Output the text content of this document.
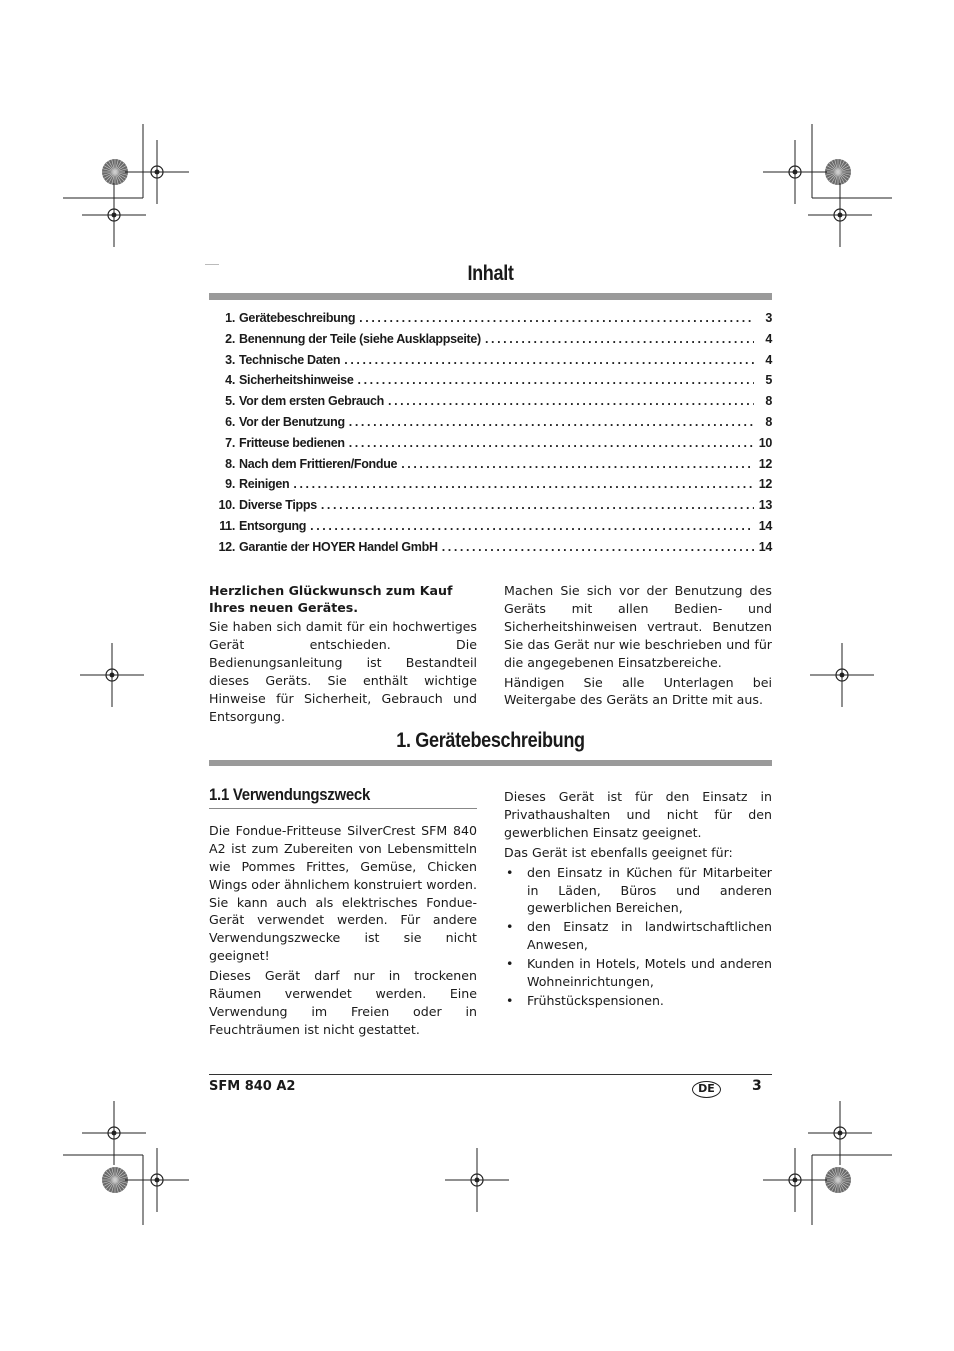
Inhalt
1. Gerätebeschreibung .....	3
2. Benennung der Teile (siehe Ausklappseite) .....	4
3. Technische Daten .....	4
4. Sicherheitshinweise .....	5
5. Vor dem ersten Gebrauch .....	8
6. Vor der Benutzung .....	8
7. Fritteuse bedienen .....	10
8. Nach dem Frittieren/Fondue .....	12
9. Reinigen .....	12
10. Diverse Tipps .....	13
11. Entsorgung .....	14
12. Garantie der HOYER Handel GmbH .....	14

Herzlichen Glückwunsch zum Kauf Ihres neuen Gerätes.

Sie haben sich damit für ein hochwertiges Gerät entschieden. Die Bedienungsanleitung ist Bestandteil dieses Geräts. Sie enthält wichtige Hinweise für Sicherheit, Gebrauch und Entsorgung.

Machen Sie sich vor der Benutzung des Geräts mit allen Bedien- und Sicherheitshinweisen vertraut. Benutzen Sie das Gerät nur wie beschrieben und für die angegebenen Einsatzbereiche.

Händigen Sie alle Unterlagen bei Weitergabe des Geräts an Dritte mit aus.

1. Gerätebeschreibung
1.1 Verwendungszweck

Die Fondue-Fritteuse SilverCrest SFM 840 A2 ist zum Zubereiten von Lebensmitteln wie Pommes Frittes, Gemüse, Chicken Wings oder ähnlichem konstruiert worden. Sie kann auch als elektrisches Fondue-Gerät verwendet werden. Für andere Verwendungszwecke ist sie nicht geeignet!

Dieses Gerät darf nur in trockenen Räumen verwendet werden. Eine Verwendung im Freien oder in Feuchträumen ist nicht gestattet.

Dieses Gerät ist für den Einsatz in Privathaushalten und nicht für den gewerblichen Einsatz geeignet.

Das Gerät ist ebenfalls geeignet für:

• den Einsatz in Küchen für Mitarbeiter in Läden, Büros und anderen gewerblichen Bereichen,
• den Einsatz in landwirtschaftlichen Anwesen,
• Kunden in Hotels, Motels und anderen Wohneinrichtungen,
• Frühstückspensionen.
SFM 840 A2	DE	3
